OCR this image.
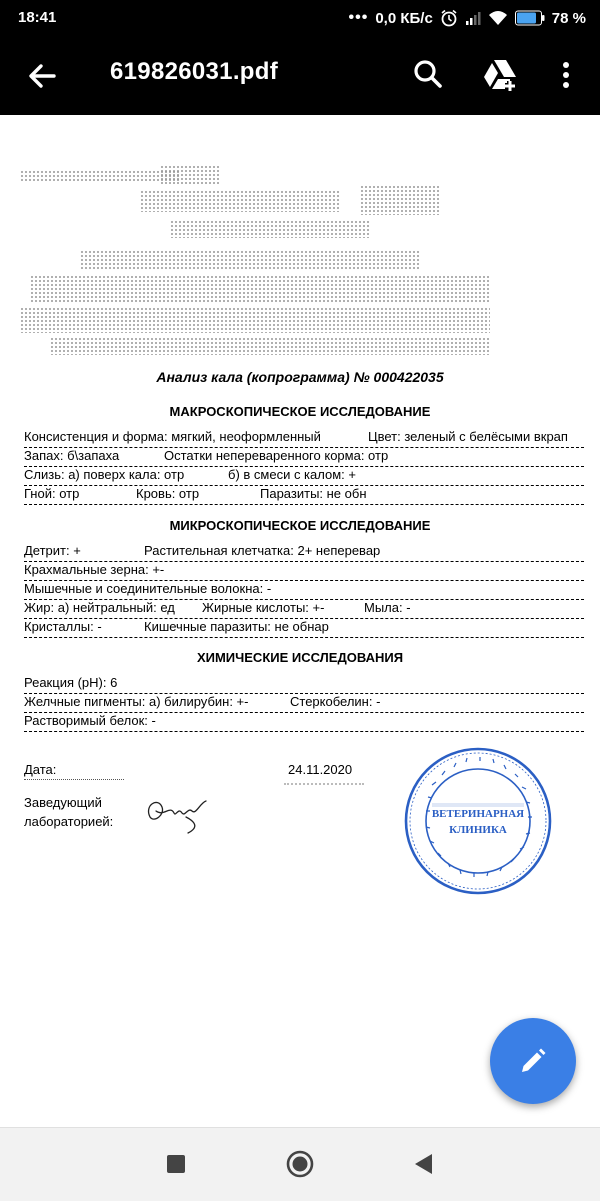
18:41	••• 0,0 КБ/с	78 %
619826031.pdf
Анализ кала (копрограмма) № 000422035
МАКРОСКОПИЧЕСКОЕ ИССЛЕДОВАНИЕ
Консистенция и форма: мягкий, неоформленный	Цвет: зеленый с белёсыми вкрап
Запах: б\запаха	Остатки непереваренного корма: отр
Слизь: а) поверх кала: отр	б) в смеси с калом: +
Гной: отр	Кровь: отр	Паразиты: не обн
МИКРОСКОПИЧЕСКОЕ ИССЛЕДОВАНИЕ
Детрит: +	Растительная клетчатка: 2+ неперевар
Крахмальные зерна: +-
Мышечные и соединительные волокна: -
Жир: а) нейтральный: ед Жирные кислоты: +-	Мыла: -
Кристаллы: -	Кишечные паразиты: не обнар
ХИМИЧЕСКИЕ ИССЛЕДОВАНИЯ
Реакция (pH): 6
Желчные пигменты: а) билирубин: +-	Стеркобелин: -
Растворимый белок: -
Дата:	24.11.2020
Заведующий
лабораторией:	ВЕТЕРИНАРНАЯ
КЛИНИКА
